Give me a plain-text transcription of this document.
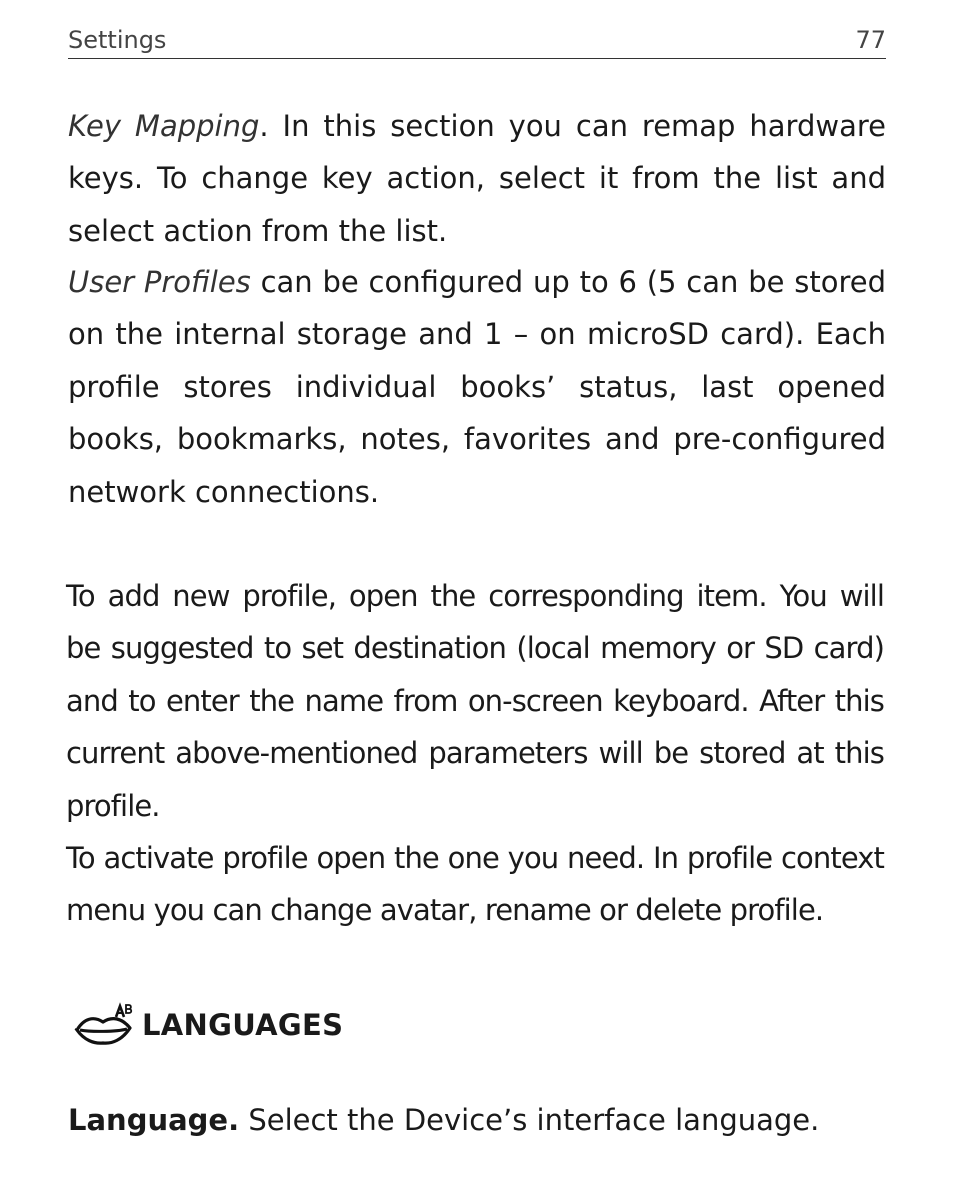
Settings	77

Key Mapping. In this section you can remap hardware keys. To change key action, select it from the list and select action from the list.

User Profiles can be configured up to 6 (5 can be stored on the internal storage and 1 – on microSD card). Each profile stores individual books’ status, last opened books, bookmarks, notes, favorites and pre-configured network connections.

To add new profile, open the corresponding item. You will be suggested to set destination (local memory or SD card) and to enter the name from on-screen keyboard. After this current above-mentioned parameters will be stored at this profile.

To activate profile open the one you need. In profile context menu you can change avatar, rename or delete profile.

LANGUAGES

Language. Select the Device’s interface language.
